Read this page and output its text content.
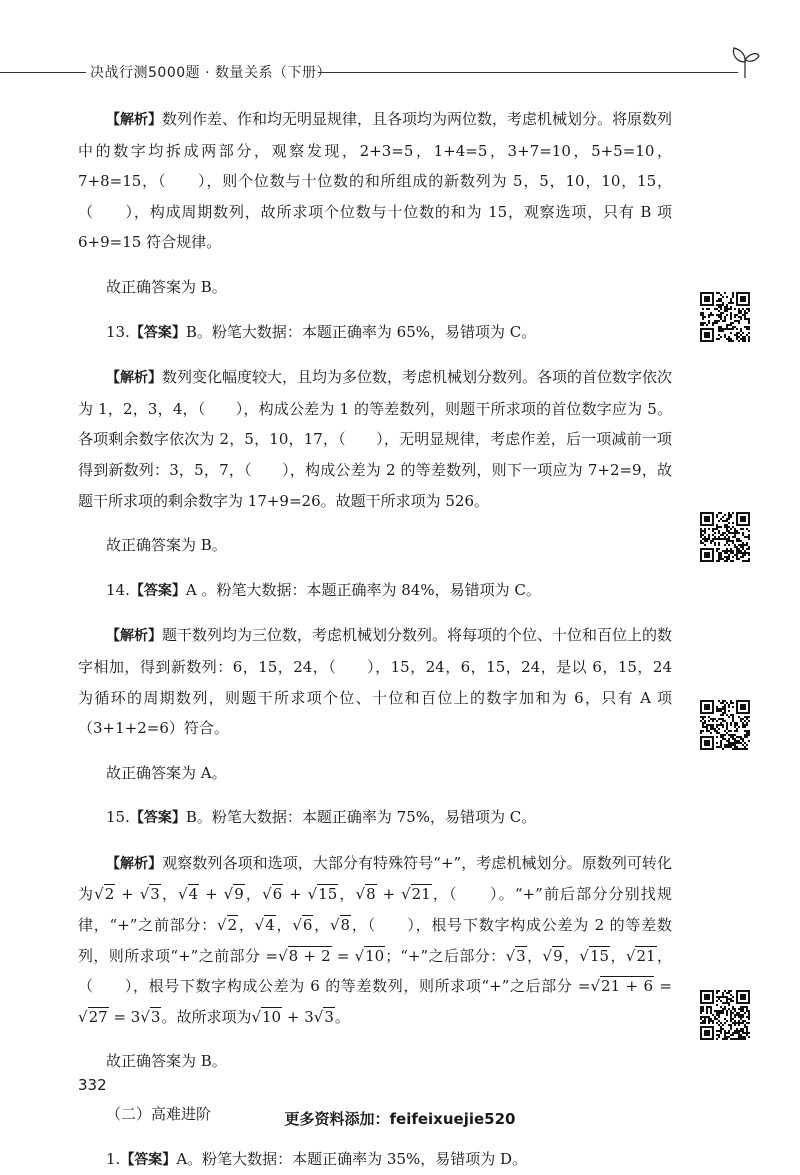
决战行测5000题 · 数量关系（下册）

【解析】数列作差、作和均无明显规律，且各项均为两位数，考虑机械划分。将原数列中的数字均拆成两部分，观察发现，2+3=5，1+4=5，3+7=10，5+5=10，7+8=15，（　　），则个位数与十位数的和所组成的新数列为 5，5，10，10，15，（　　），构成周期数列，故所求项个位数与十位数的和为 15，观察选项，只有 B 项 6+9=15 符合规律。

故正确答案为 B。

13.【答案】B。粉笔大数据：本题正确率为 65%，易错项为 C。

【解析】数列变化幅度较大，且均为多位数，考虑机械划分数列。各项的首位数字依次为 1，2，3，4，（　　），构成公差为 1 的等差数列，则题干所求项的首位数字应为 5。各项剩余数字依次为 2，5，10，17，（　　），无明显规律，考虑作差，后一项减前一项得到新数列：3，5，7，（　　），构成公差为 2 的等差数列，则下一项应为 7+2=9，故题干所求项的剩余数字为 17+9=26。故题干所求项为 526。

故正确答案为 B。

14.【答案】A 。粉笔大数据：本题正确率为 84%，易错项为 C。

【解析】题干数列均为三位数，考虑机械划分数列。将每项的个位、十位和百位上的数字相加，得到新数列：6，15，24，（　　），15，24，6，15，24，是以 6，15，24 为循环的周期数列，则题干所求项个位、十位和百位上的数字加和为 6，只有 A 项（3+1+2=6）符合。

故正确答案为 A。

15.【答案】B。粉笔大数据：本题正确率为 75%，易错项为 C。

【解析】观察数列各项和选项，大部分有特殊符号“+”，考虑机械划分。原数列可转化为√2 + √3，√4 + √9，√6 + √15，√8 + √21，（　　）。“+”前后部分分别找规律，“+”之前部分：√2，√4，√6，√8，（　　），根号下数字构成公差为 2 的等差数列，则所求项“+”之前部分 =√8 + 2 = √10；“+”之后部分：√3，√9，√15，√21，（　　），根号下数字构成公差为 6 的等差数列，则所求项“+”之后部分 =√21 + 6 = √27 = 3√3。故所求项为√10 + 3√3。

故正确答案为 B。

（二）高难进阶

1.【答案】A。粉笔大数据：本题正确率为 35%，易错项为 D。

332
更多资料添加：feifeixuejie520
